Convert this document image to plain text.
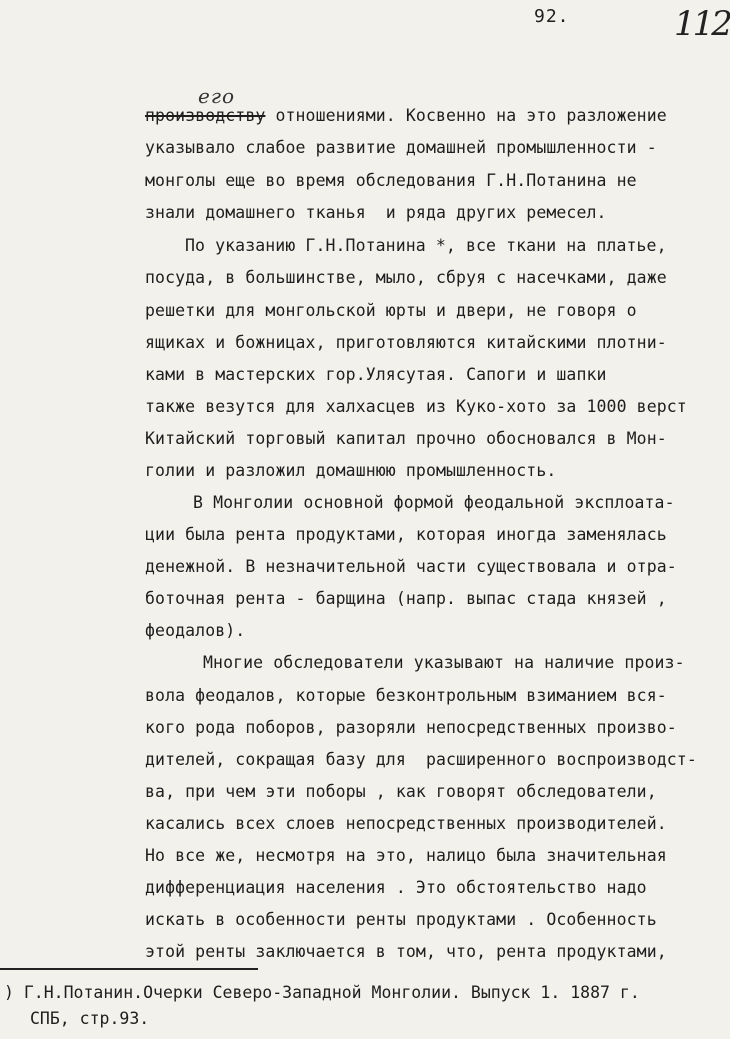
92.	112
его
производству отношениями. Косвенно на это разложение
указывало слабое развитие домашней промышленности -
монголы еще во время обследования Г.Н.Потанина не
знали домашнего тканья  и ряда других ремесел.
По указанию Г.Н.Потанина *, все ткани на платье,
посуда, в большинстве, мыло, сбруя с насечками, даже
решетки для монгольской юрты и двери, не говоря о
ящиках и божницах, приготовляются китайскими плотни-
ками в мастерских гор.Улясутая. Сапоги и шапки
также везутся для халхасцев из Куко-хото за 1000 верст
Китайский торговый капитал прочно обосновался в Мон-
голии и разложил домашнюю промышленность.
В Монголии основной формой феодальной эксплоата-
ции была рента продуктами, которая иногда заменялась
денежной. В незначительной части существовала и отра-
боточная рента - барщина (напр. выпас стада князей ,
феодалов).
Многие обследователи указывают на наличие произ-
вола феодалов, которые безконтрольным взиманием вся-
кого рода поборов, разоряли непосредственных произво-
дителей, сокращая базу для  расширенного воспроизводст-
ва, при чем эти поборы , как говорят обследователи,
касались всех слоев непосредственных производителей.
Но все же, несмотря на это, налицо была значительная
дифференциация населения . Это обстоятельство надо
искать в особенности ренты продуктами . Особенность
этой ренты заключается в том, что, рента продуктами,
) Г.Н.Потанин.Очерки Северо-Западной Монголии. Выпуск 1. 1887 г.
СПБ, стр.93.
